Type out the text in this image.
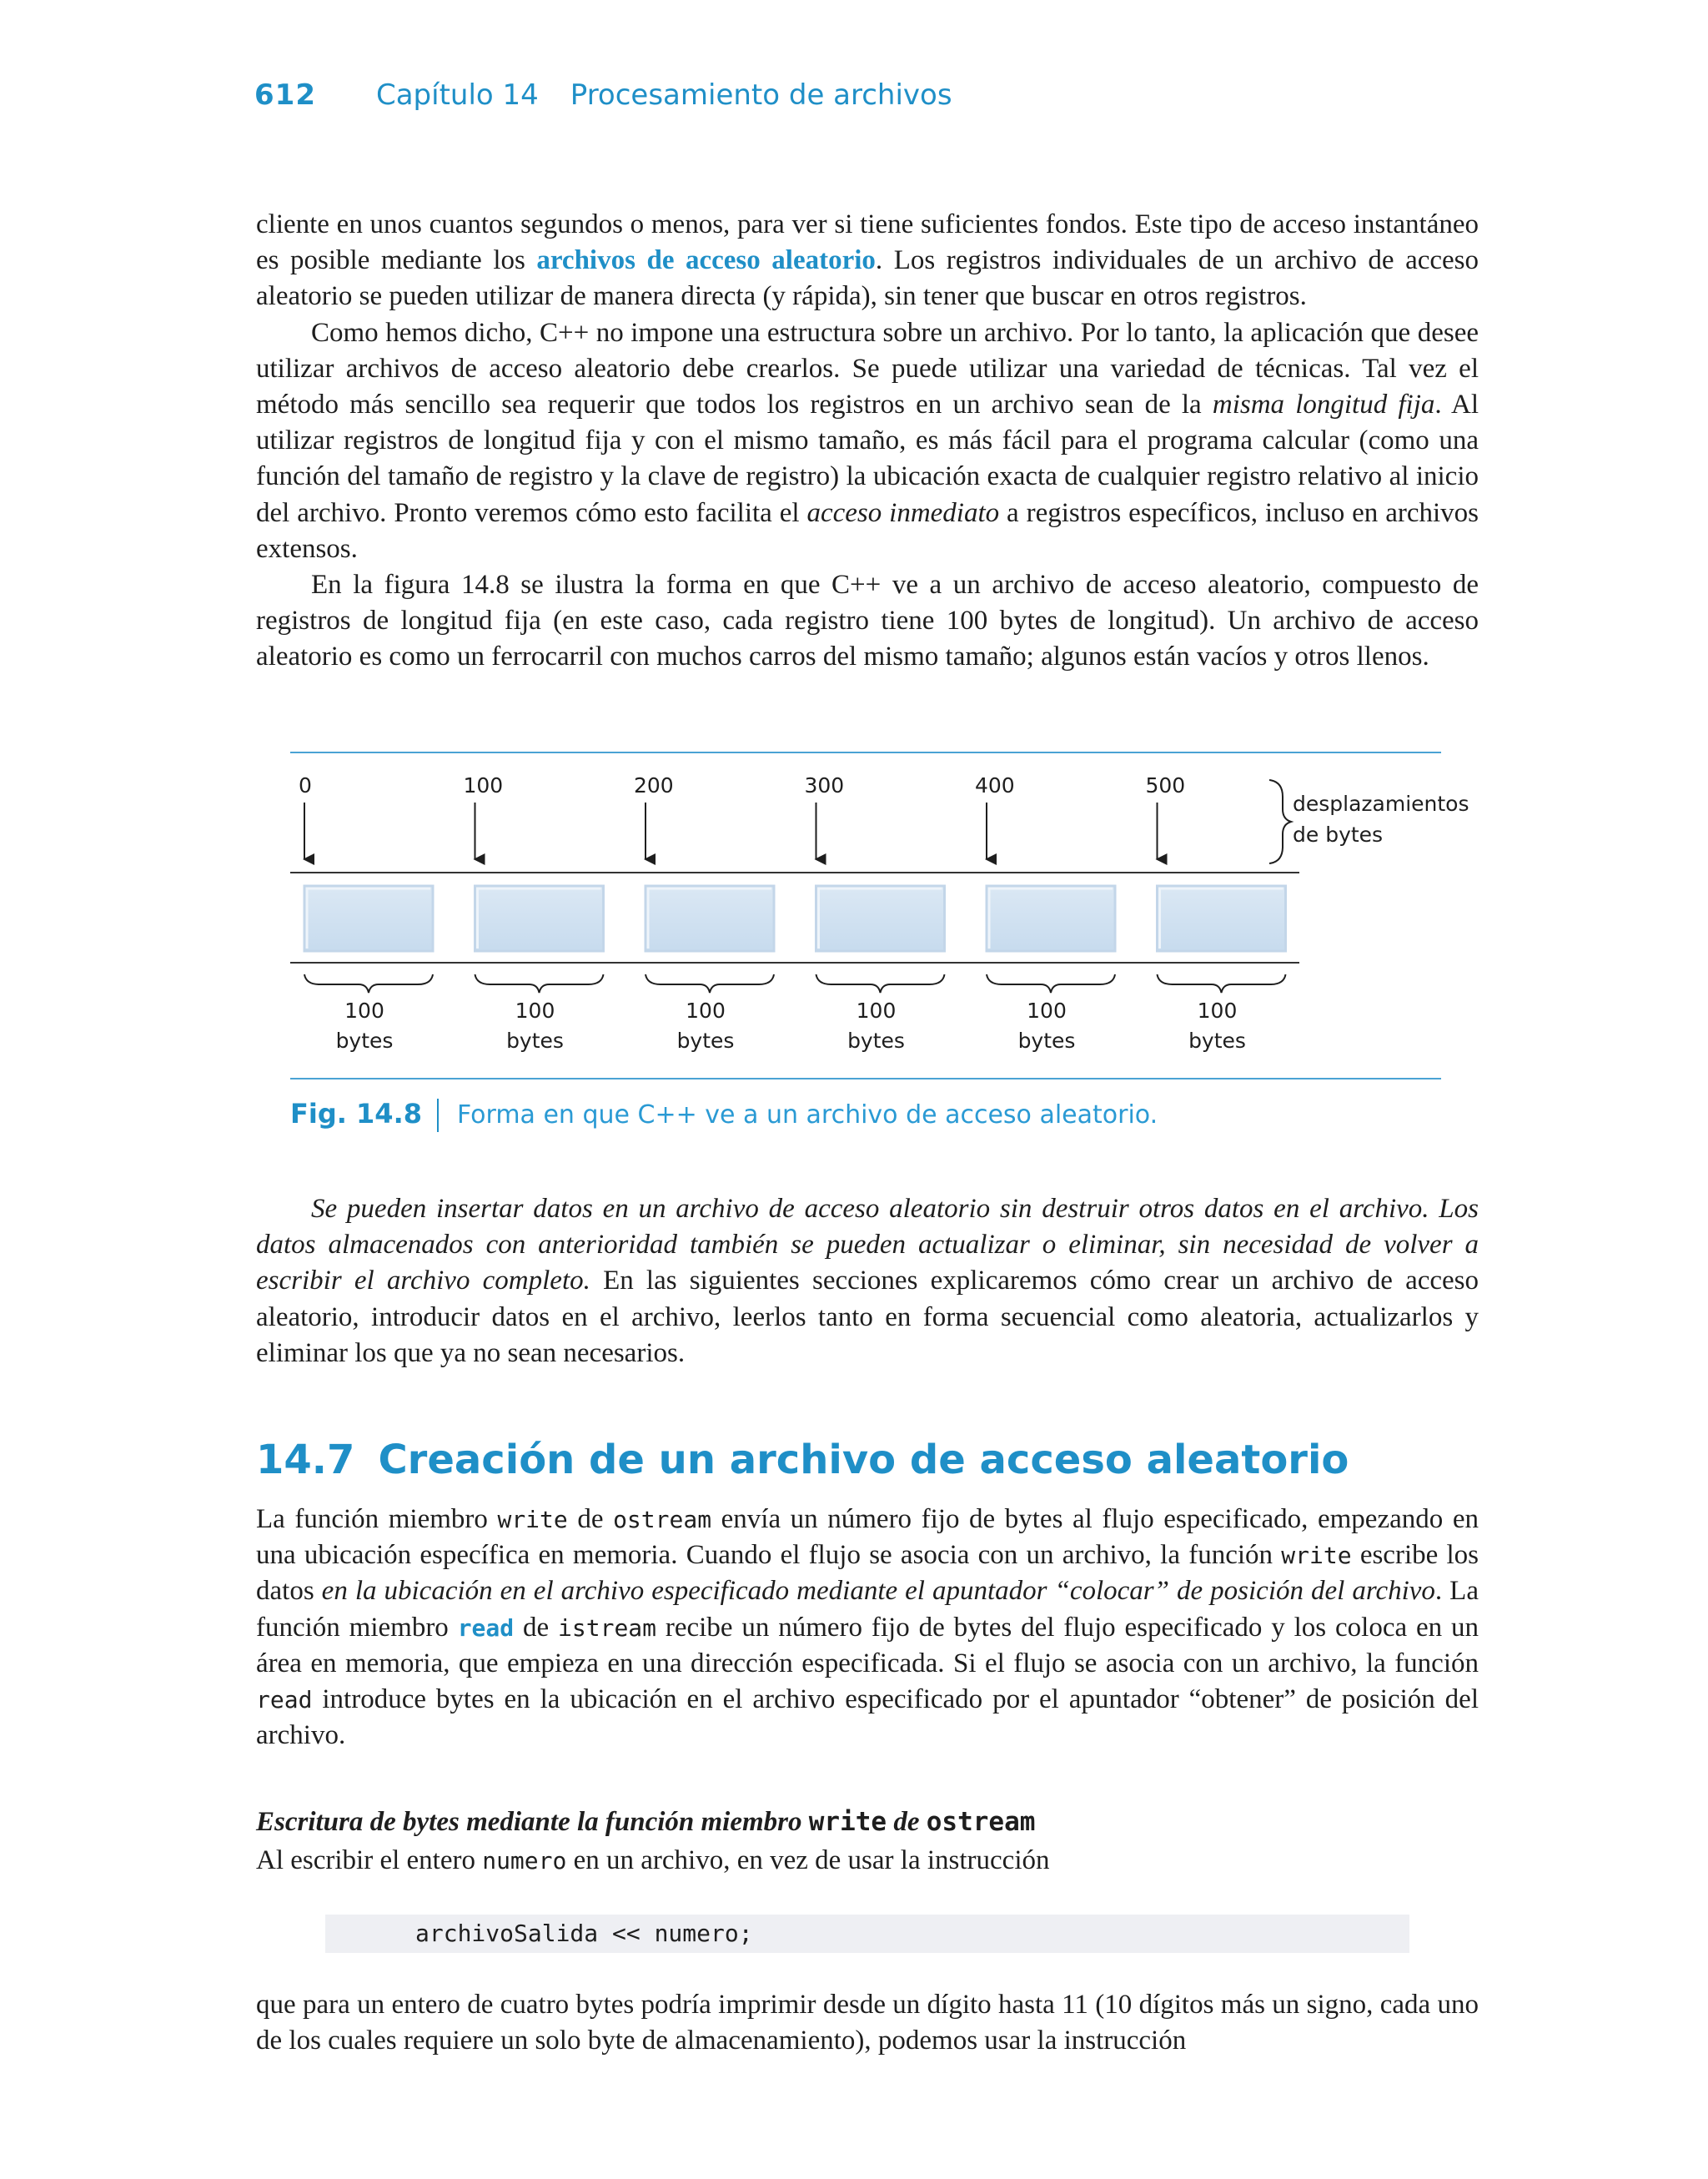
612 Capítulo 14 Procesamiento de archivos

cliente en unos cuantos segundos o menos, para ver si tiene suficientes fondos. Este tipo de acceso instantáneo es posible mediante los archivos de acceso aleatorio. Los registros individuales de un archivo de acceso aleatorio se pueden utilizar de manera directa (y rápida), sin tener que buscar en otros registros.
Como hemos dicho, C++ no impone una estructura sobre un archivo. Por lo tanto, la aplicación que desee utilizar archivos de acceso aleatorio debe crearlos. Se puede utilizar una variedad de técnicas. Tal vez el método más sencillo sea requerir que todos los registros en un archivo sean de la misma longitud fija. Al utilizar registros de longitud fija y con el mismo tamaño, es más fácil para el programa calcular (como una función del tamaño de registro y la clave de registro) la ubicación exacta de cualquier registro relativo al inicio del archivo. Pronto veremos cómo esto facilita el acceso inmediato a registros específicos, incluso en archivos extensos.
En la figura 14.8 se ilustra la forma en que C++ ve a un archivo de acceso aleatorio, compuesto de registros de longitud fija (en este caso, cada registro tiene 100 bytes de longitud). Un archivo de acceso aleatorio es como un ferrocarril con muchos carros del mismo tamaño; algunos están vacíos y otros llenos.

0	100	200	300	400	500
100
bytes
100
bytes
100
bytes
100
bytes
100
bytes
100
bytes
desplazamientos
de bytes
Fig. 14.8 Forma en que C++ ve a un archivo de acceso aleatorio.

Se pueden insertar datos en un archivo de acceso aleatorio sin destruir otros datos en el archivo. Los datos almacenados con anterioridad también se pueden actualizar o eliminar, sin necesidad de volver a escribir el archivo completo. En las siguientes secciones explicaremos cómo crear un archivo de acceso aleatorio, introducir datos en el archivo, leerlos tanto en forma secuencial como aleatoria, actualizarlos y eliminar los que ya no sean necesarios.

14.7 Creación de un archivo de acceso aleatorio

La función miembro write de ostream envía un número fijo de bytes al flujo especificado, empezando en una ubicación específica en memoria. Cuando el flujo se asocia con un archivo, la función write escribe los datos en la ubicación en el archivo especificado mediante el apuntador “colocar” de posición del archivo. La función miembro read de istream recibe un número fijo de bytes del flujo especificado y los coloca en un área en memoria, que empieza en una dirección especificada. Si el flujo se asocia con un archivo, la función read introduce bytes en la ubicación en el archivo especificado por el apuntador “obtener” de posición del archivo.

Escritura de bytes mediante la función miembro write de ostream

Al escribir el entero numero en un archivo, en vez de usar la instrucción

archivoSalida << numero;

que para un entero de cuatro bytes podría imprimir desde un dígito hasta 11 (10 dígitos más un signo, cada uno de los cuales requiere un solo byte de almacenamiento), podemos usar la instrucción
